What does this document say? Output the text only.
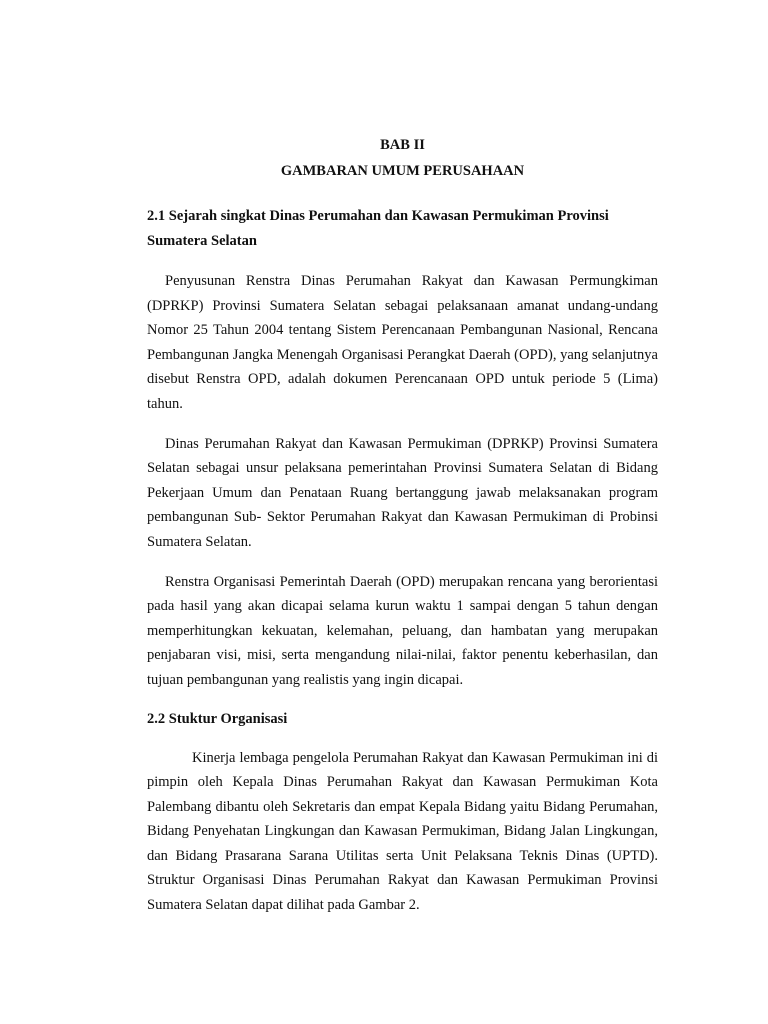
BAB II

GAMBARAN UMUM PERUSAHAAN

2.1 Sejarah singkat Dinas Perumahan dan Kawasan Permukiman Provinsi Sumatera Selatan

Penyusunan Renstra Dinas Perumahan Rakyat dan Kawasan Permungkiman (DPRKP) Provinsi Sumatera Selatan sebagai pelaksanaan amanat undang-undang Nomor 25 Tahun 2004 tentang Sistem Perencanaan Pembangunan Nasional, Rencana Pembangunan Jangka Menengah Organisasi Perangkat Daerah (OPD), yang selanjutnya disebut Renstra OPD, adalah dokumen Perencanaan OPD untuk periode 5 (Lima) tahun.

Dinas Perumahan Rakyat dan Kawasan Permukiman (DPRKP) Provinsi Sumatera Selatan sebagai unsur pelaksana pemerintahan Provinsi Sumatera Selatan di Bidang Pekerjaan Umum dan Penataan Ruang bertanggung jawab melaksanakan program pembangunan Sub- Sektor Perumahan Rakyat dan Kawasan Permukiman di Probinsi Sumatera Selatan.

Renstra Organisasi Pemerintah Daerah (OPD) merupakan rencana yang berorientasi pada hasil yang akan dicapai selama kurun waktu 1 sampai dengan 5 tahun dengan memperhitungkan kekuatan, kelemahan, peluang, dan hambatan yang merupakan penjabaran visi, misi, serta mengandung nilai-nilai, faktor penentu keberhasilan, dan tujuan pembangunan yang realistis yang ingin dicapai.

2.2 Stuktur Organisasi

Kinerja lembaga pengelola Perumahan Rakyat dan Kawasan Permukiman ini di pimpin oleh Kepala Dinas Perumahan Rakyat dan Kawasan Permukiman Kota Palembang dibantu oleh Sekretaris dan empat Kepala Bidang yaitu Bidang Perumahan, Bidang Penyehatan Lingkungan dan Kawasan Permukiman, Bidang Jalan Lingkungan, dan Bidang Prasarana Sarana Utilitas serta Unit Pelaksana Teknis Dinas (UPTD). Struktur Organisasi Dinas Perumahan Rakyat dan Kawasan Permukiman Provinsi Sumatera Selatan dapat dilihat pada Gambar 2.
